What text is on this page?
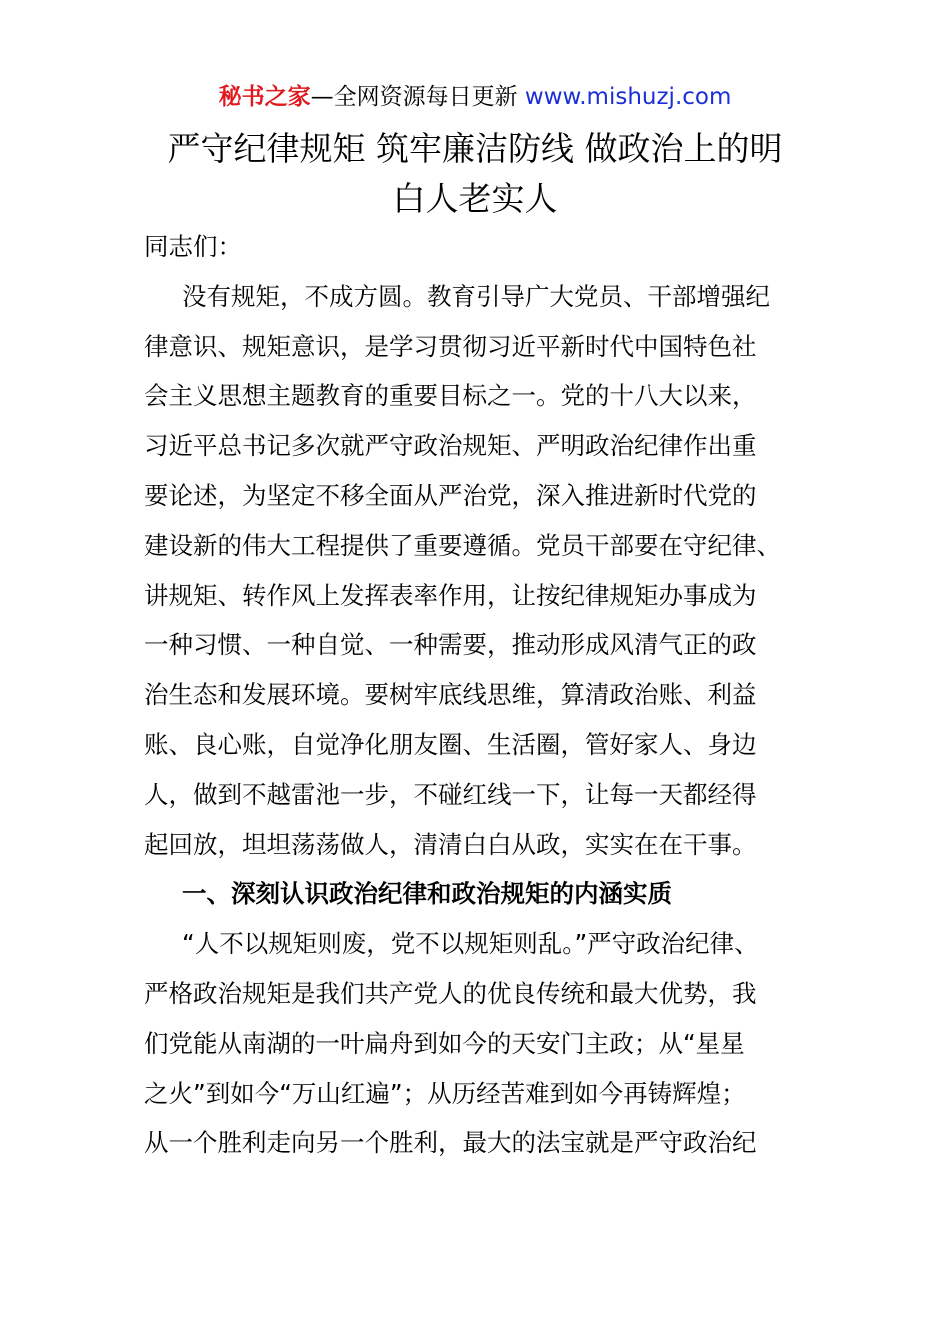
秘书之家—全网资源每日更新 www.mishuzj.com
严守纪律规矩 筑牢廉洁防线 做政治上的明
白人老实人
同志们：
没有规矩，不成方圆。教育引导广大党员、干部增强纪
律意识、规矩意识，是学习贯彻习近平新时代中国特色社
会主义思想主题教育的重要目标之一。党的十八大以来，
习近平总书记多次就严守政治规矩、严明政治纪律作出重
要论述，为坚定不移全面从严治党，深入推进新时代党的
建设新的伟大工程提供了重要遵循。党员干部要在守纪律、
讲规矩、转作风上发挥表率作用，让按纪律规矩办事成为
一种习惯、一种自觉、一种需要，推动形成风清气正的政
治生态和发展环境。要树牢底线思维，算清政治账、利益
账、良心账，自觉净化朋友圈、生活圈，管好家人、身边
人，做到不越雷池一步，不碰红线一下，让每一天都经得
起回放，坦坦荡荡做人，清清白白从政，实实在在干事。
一、深刻认识政治纪律和政治规矩的内涵实质
“人不以规矩则废，党不以规矩则乱。”严守政治纪律、
严格政治规矩是我们共产党人的优良传统和最大优势，我
们党能从南湖的一叶扁舟到如今的天安门主政；从“星星
之火”到如今“万山红遍”；从历经苦难到如今再铸辉煌；
从一个胜利走向另一个胜利，最大的法宝就是严守政治纪
